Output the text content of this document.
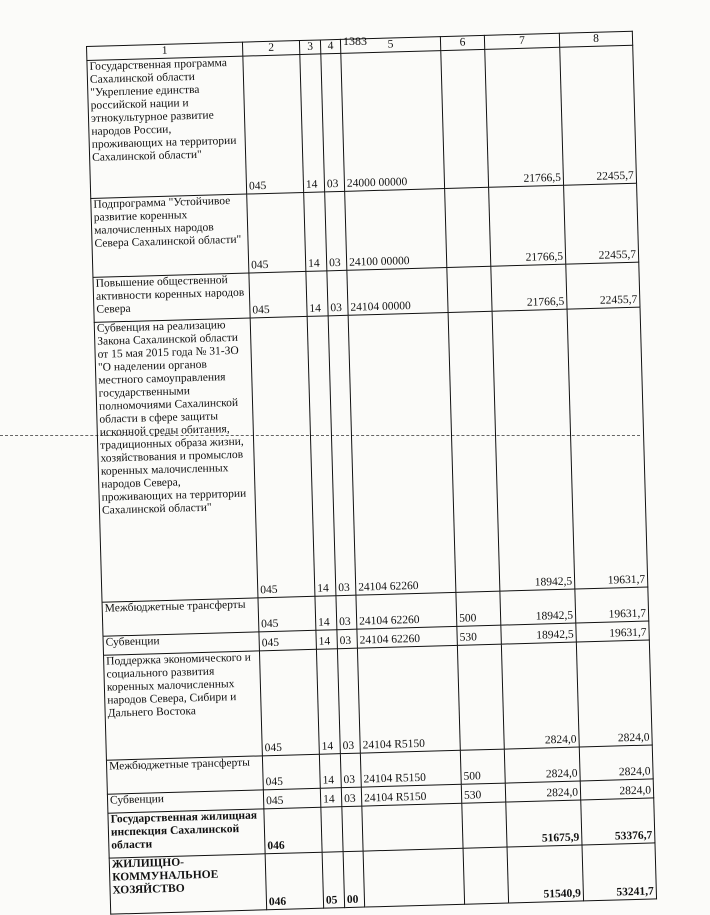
1383
1	2	3	4	5	6	7	8
Государственная программа Сахалинской области "Укрепление единства российской нации и этнокультурное развитие народов России, проживающих на территории Сахалинской области"	045	14	03	24000 00000		21766,5	22455,7
Подпрограмма "Устойчивое развитие коренных малочисленных народов Севера Сахалинской области"	045	14	03	24100 00000		21766,5	22455,7
Повышение общественной активности коренных народов Севера	045	14	03	24104 00000		21766,5	22455,7
Субвенция на реализацию Закона Сахалинской области от 15 мая 2015 года № 31-ЗО "О наделении органов местного самоуправления государственными полномочиями Сахалинской области в сфере защиты исконной среды обитания, традиционных образа жизни, хозяйствования и промыслов коренных малочисленных народов Севера, проживающих на территории Сахалинской области"	045	14	03	24104 62260		18942,5	19631,7
Межбюджетные трансферты	045	14	03	24104 62260	500	18942,5	19631,7
Субвенции	045	14	03	24104 62260	530	18942,5	19631,7
Поддержка экономического и социального развития коренных малочисленных народов Севера, Сибири и Дальнего Востока	045	14	03	24104 R5150		2824,0	2824,0
Межбюджетные трансферты	045	14	03	24104 R5150	500	2824,0	2824,0
Субвенции	045	14	03	24104 R5150	530	2824,0	2824,0
Государственная жилищная инспекция Сахалинской области	046					51675,9	53376,7
ЖИЛИЩНО-КОММУНАЛЬНОЕ ХОЗЯЙСТВО	046	05	00			51540,9	53241,7
